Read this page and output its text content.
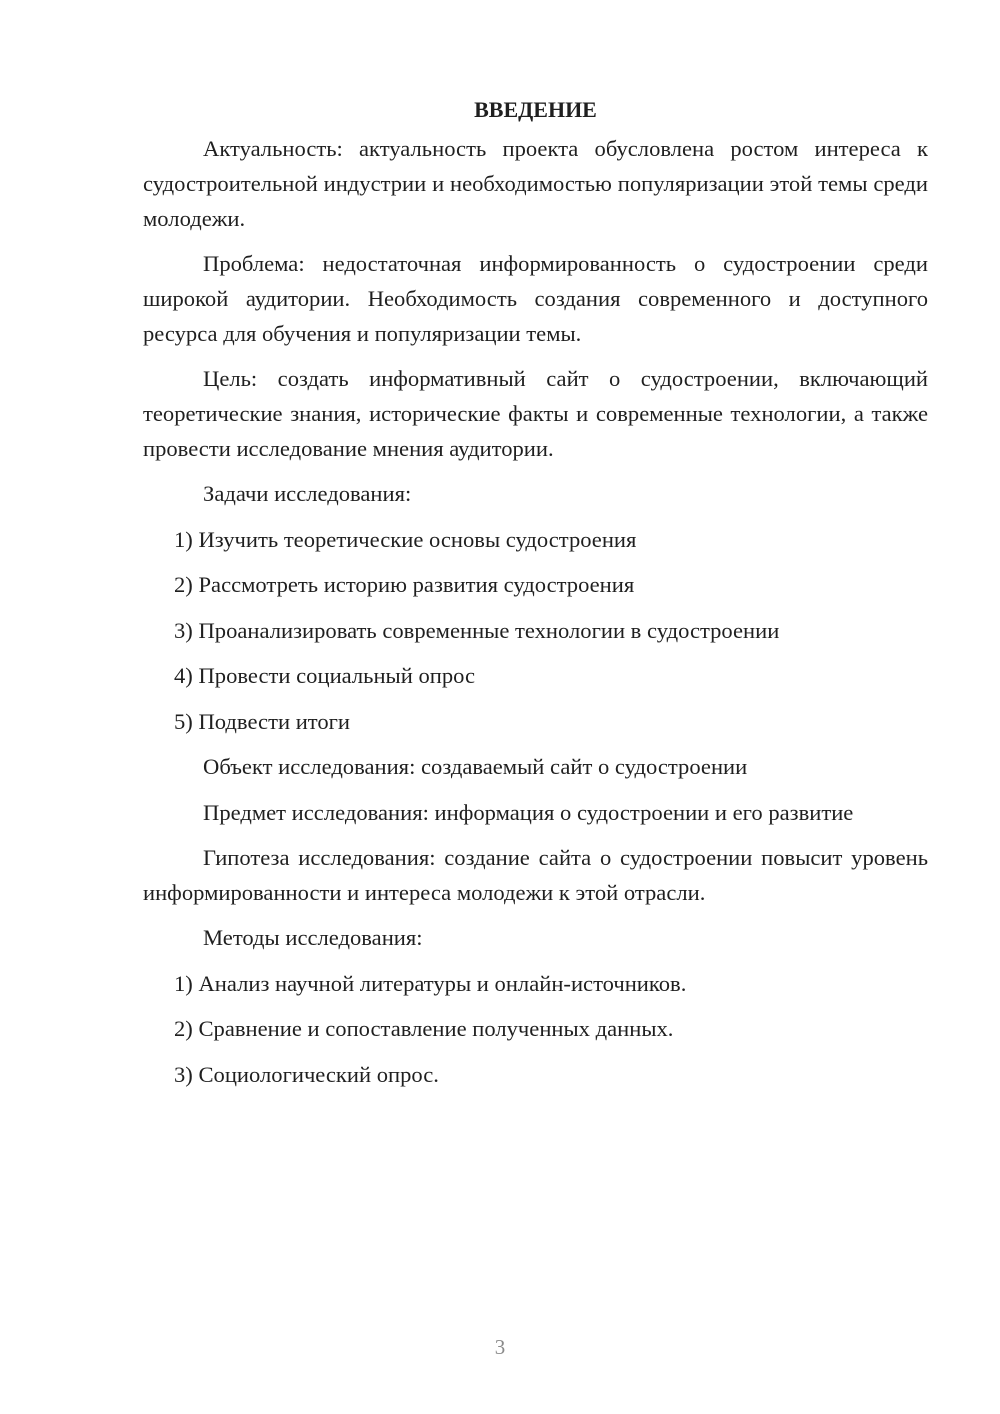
ВВЕДЕНИЕ
Актуальность: актуальность проекта обусловлена ростом интереса к судостроительной индустрии и необходимостью популяризации этой темы среди молодежи.
Проблема: недостаточная информированность о судостроении среди широкой аудитории. Необходимость создания современного и доступного ресурса для обучения и популяризации темы.
Цель: создать информативный сайт о судостроении, включающий теоретические знания, исторические факты и современные технологии, а также провести исследование мнения аудитории.
Задачи исследования:
1) Изучить теоретические основы судостроения
2) Рассмотреть историю развития судостроения
3) Проанализировать современные технологии в судостроении
4) Провести социальный опрос
5) Подвести итоги
Объект исследования: создаваемый сайт о судостроении
Предмет исследования: информация о судостроении и его развитие
Гипотеза исследования: создание сайта о судостроении повысит уровень информированности и интереса молодежи к этой отрасли.
Методы исследования:
1) Анализ научной литературы и онлайн-источников.
2) Сравнение и сопоставление полученных данных.
3) Социологический опрос.
3
